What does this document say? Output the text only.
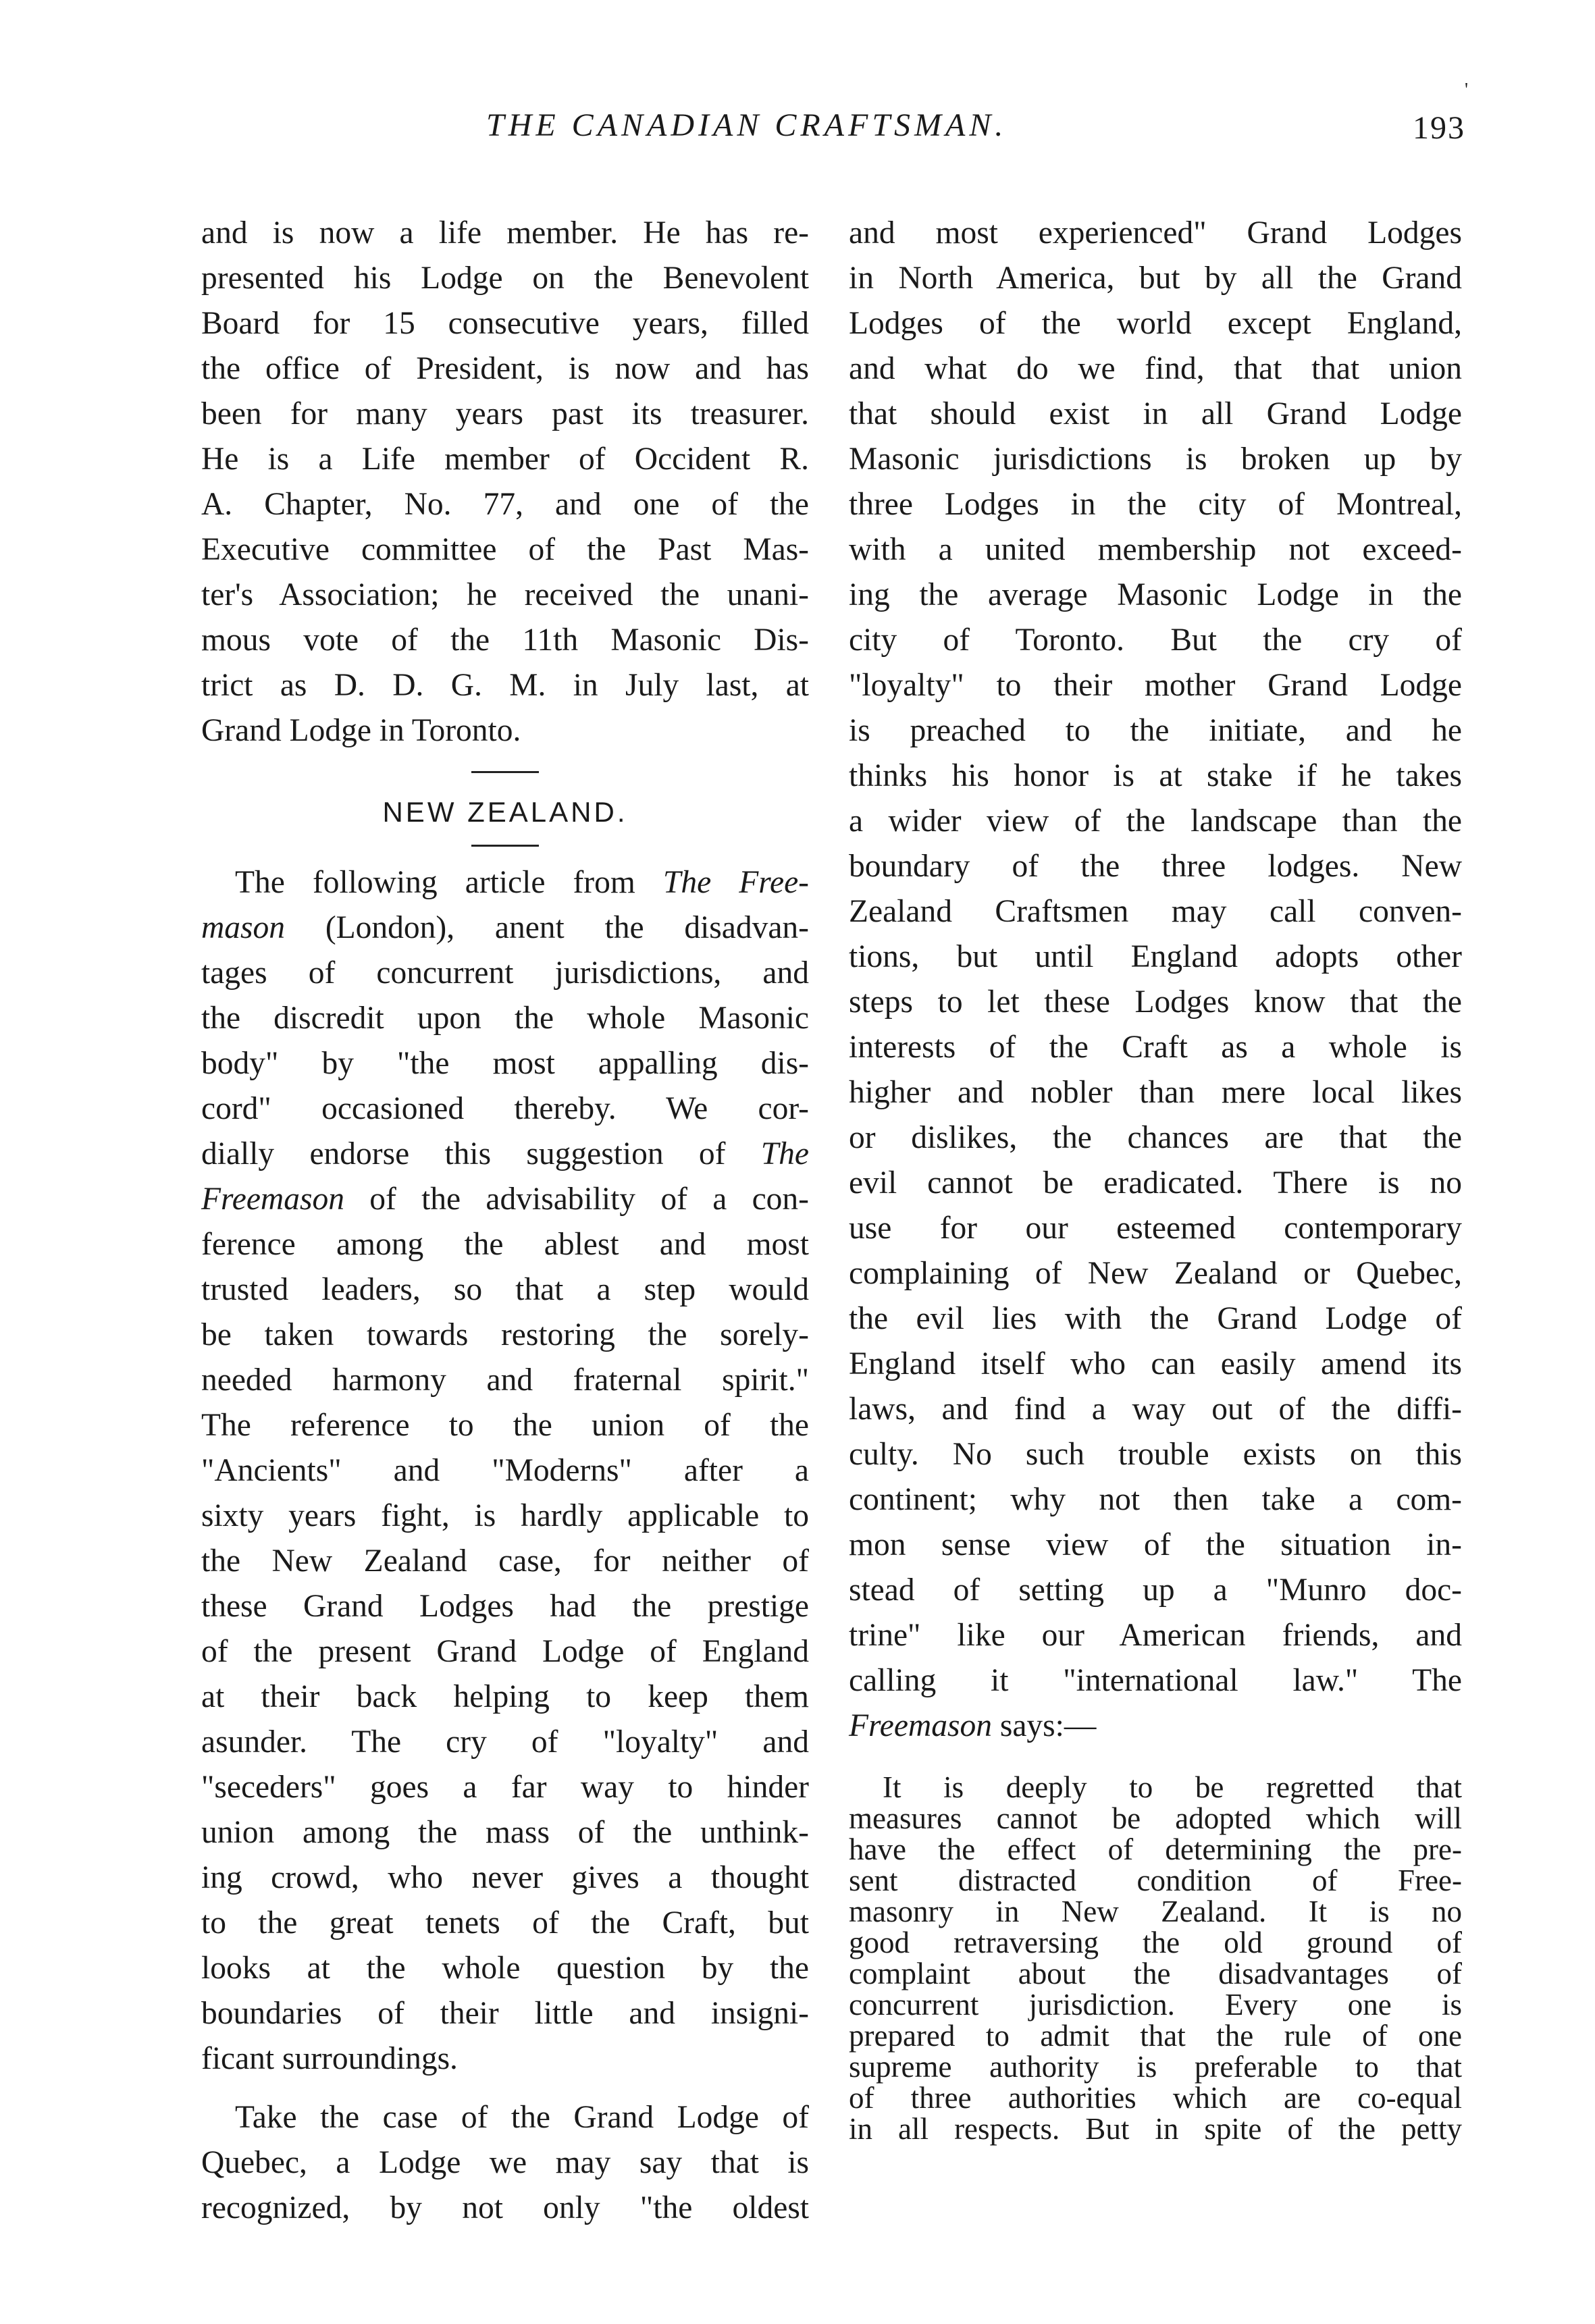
THE CANADIAN CRAFTSMAN.
'
193
and is now a life member. He has re-
presented his Lodge on the Benevolent
Board for 15 consecutive years, filled
the office of President, is now and has
been for many years past its treasurer.
He is a Life member of Occident R.
A. Chapter, No. 77, and one of the
Executive committee of the Past Mas-
ter's Association; he received the unani-
mous vote of the 11th Masonic Dis-
trict as D. D. G. M. in July last, at
Grand Lodge in Toronto.
NEW ZEALAND.
The following article from The Free-
mason (London), anent the disadvan-
tages of concurrent jurisdictions, and
the discredit upon the whole Masonic
body" by "the most appalling dis-
cord" occasioned thereby. We cor-
dially endorse this suggestion of The
Freemason of the advisability of a con-
ference among the ablest and most
trusted leaders, so that a step would
be taken towards restoring the sorely-
needed harmony and fraternal spirit."
The reference to the union of the
"Ancients" and "Moderns" after a
sixty years fight, is hardly applicable to
the New Zealand case, for neither of
these Grand Lodges had the prestige
of the present Grand Lodge of England
at their back helping to keep them
asunder. The cry of "loyalty" and
"seceders" goes a far way to hinder
union among the mass of the unthink-
ing crowd, who never gives a thought
to the great tenets of the Craft, but
looks at the whole question by the
boundaries of their little and insigni-
ficant surroundings.
Take the case of the Grand Lodge of
Quebec, a Lodge we may say that is
recognized, by not only "the oldest
and most experienced" Grand Lodges
in North America, but by all the Grand
Lodges of the world except England,
and what do we find, that that union
that should exist in all Grand Lodge
Masonic jurisdictions is broken up by
three Lodges in the city of Montreal,
with a united membership not exceed-
ing the average Masonic Lodge in the
city of Toronto. But the cry of
"loyalty" to their mother Grand Lodge
is preached to the initiate, and he
thinks his honor is at stake if he takes
a wider view of the landscape than the
boundary of the three lodges. New
Zealand Craftsmen may call conven-
tions, but until England adopts other
steps to let these Lodges know that the
interests of the Craft as a whole is
higher and nobler than mere local likes
or dislikes, the chances are that the
evil cannot be eradicated. There is no
use for our esteemed contemporary
complaining of New Zealand or Quebec,
the evil lies with the Grand Lodge of
England itself who can easily amend its
laws, and find a way out of the diffi-
culty. No such trouble exists on this
continent; why not then take a com-
mon sense view of the situation in-
stead of setting up a "Munro doc-
trine" like our American friends, and
calling it "international law." The
Freemason says:—
It is deeply to be regretted that
measures cannot be adopted which will
have the effect of determining the pre-
sent distracted condition of Free-
masonry in New Zealand. It is no
good retraversing the old ground of
complaint about the disadvantages of
concurrent jurisdiction. Every one is
prepared to admit that the rule of one
supreme authority is preferable to that
of three authorities which are co-equal
in all respects. But in spite of the petty
